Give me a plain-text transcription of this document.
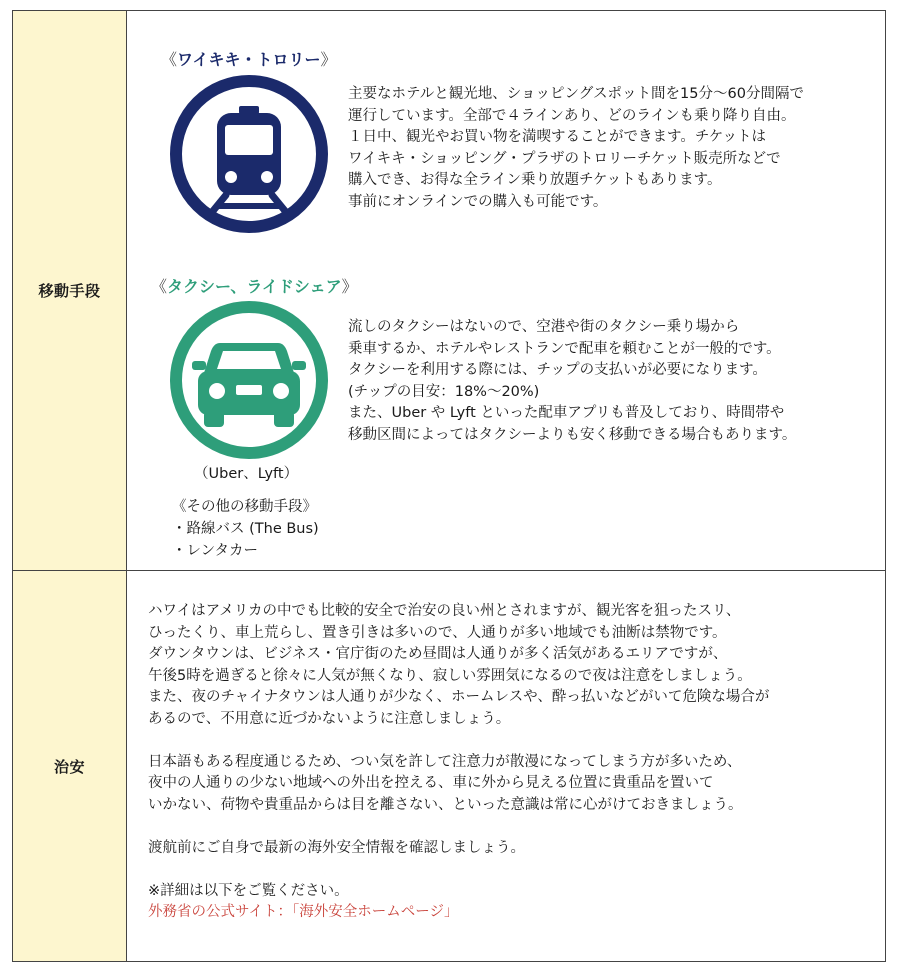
移動手段
《ワイキキ・トロリー》
主要なホテルと観光地、ショッピングスポット間を15分〜60分間隔で
運行しています。全部で４ラインあり、どのラインも乗り降り自由。
１日中、観光やお買い物を満喫することができます。チケットは
ワイキキ・ショッピング・プラザのトロリーチケット販売所などで
購入でき、お得な全ライン乗り放題チケットもあります。
事前にオンラインでの購入も可能です。
《タクシー、ライドシェア》
（Uber、Lyft）
流しのタクシーはないので、空港や街のタクシー乗り場から
乗車するか、ホテルやレストランで配車を頼むことが一般的です。
タクシーを利用する際には、チップの支払いが必要になります。
(チップの目安：18%〜20%)
また、Uber や Lyft といった配車アプリも普及しており、時間帯や
移動区間によってはタクシーよりも安く移動できる場合もあります。
《その他の移動手段》
・路線バス (The Bus)
・レンタカー
治安
ハワイはアメリカの中でも比較的安全で治安の良い州とされますが、観光客を狙ったスリ、
ひったくり、車上荒らし、置き引きは多いので、人通りが多い地域でも油断は禁物です。
ダウンタウンは、ビジネス・官庁街のため昼間は人通りが多く活気があるエリアですが、
午後5時を過ぎると徐々に人気が無くなり、寂しい雰囲気になるので夜は注意をしましょう。
また、夜のチャイナタウンは人通りが少なく、ホームレスや、酔っ払いなどがいて危険な場合が
あるので、不用意に近づかないように注意しましょう。
日本語もある程度通じるため、つい気を許して注意力が散漫になってしまう方が多いため、
夜中の人通りの少ない地域への外出を控える、車に外から見える位置に貴重品を置いて
いかない、荷物や貴重品からは目を離さない、といった意識は常に心がけておきましょう。
渡航前にご自身で最新の海外安全情報を確認しましょう。
※詳細は以下をご覧ください。
外務省の公式サイト：「海外安全ホームページ」
